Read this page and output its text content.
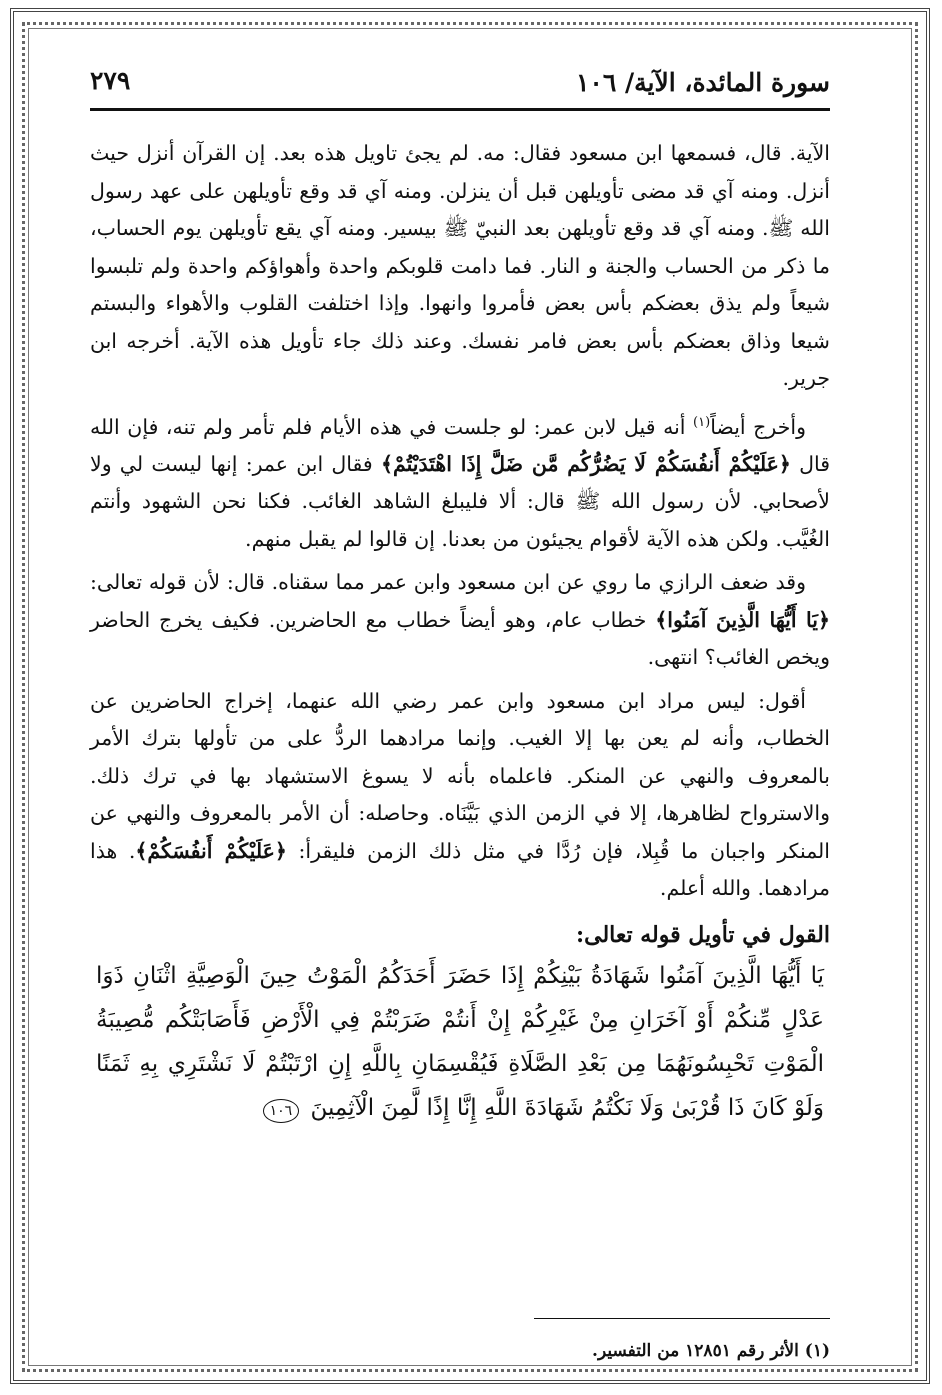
سورة المائدة، الآية/ ١٠٦
٢٧٩

الآية. قال، فسمعها ابن مسعود فقال: مه. لم يجئ تاويل هذه بعد. إن القرآن أنزل حيث أنزل. ومنه آي قد مضى تأويلهن قبل أن ينزلن. ومنه آي قد وقع تأويلهن على عهد رسول الله ﷺ. ومنه آي قد وقع تأويلهن بعد النبيّ ﷺ بيسير. ومنه آي يقع تأويلهن يوم الحساب، ما ذكر من الحساب والجنة و النار. فما دامت قلوبكم واحدة وأهواؤكم واحدة ولم تلبسوا شيعاً ولم يذق بعضكم بأس بعض فأمروا وانهوا. وإذا اختلفت القلوب والأهواء والبستم شيعا وذاق بعضكم بأس بعض فامر نفسك. وعند ذلك جاء تأويل هذه الآية. أخرجه ابن جرير.

وأخرج أيضاً$^{(١)}$ أنه قيل لابن عمر: لو جلست في هذه الأيام فلم تأمر ولم تنه، فإن الله قال ﴿عَلَيْكُمْ أَنفُسَكُمْ لَا يَضُرُّكُم مَّن ضَلَّ إِذَا اهْتَدَيْتُمْ﴾ فقال ابن عمر: إنها ليست لي ولا لأصحابي. لأن رسول الله ﷺ قال: ألا فليبلغ الشاهد الغائب. فكنا نحن الشهود وأنتم الغُيَّب. ولكن هذه الآية لأقوام يجيئون من بعدنا. إن قالوا لم يقبل منهم.

وقد ضعف الرازي ما روي عن ابن مسعود وابن عمر مما سقناه. قال: لأن قوله تعالى: ﴿يَا أَيُّهَا الَّذِينَ آمَنُوا﴾ خطاب عام، وهو أيضاً خطاب مع الحاضرين. فكيف يخرج الحاضر ويخص الغائب؟ انتهى.

أقول: ليس مراد ابن مسعود وابن عمر رضي الله عنهما، إخراج الحاضرين عن الخطاب، وأنه لم يعن بها إلا الغيب. وإنما مرادهما الردُّ على من تأولها بترك الأمر بالمعروف والنهي عن المنكر. فاعلماه بأنه لا يسوغ الاستشهاد بها في ترك ذلك. والاسترواح لظاهرها، إلا في الزمن الذي بَيَّنَاه. وحاصله: أن الأمر بالمعروف والنهي عن المنكر واجبان ما قُبِلا، فإن رُدَّا في مثل ذلك الزمن فليقرأ: ﴿عَلَيْكُمْ أَنفُسَكُمْ﴾. هذا مرادهما. والله أعلم.

القول في تأويل قوله تعالى:

يَا أَيُّهَا الَّذِينَ آمَنُوا شَهَادَةُ بَيْنِكُمْ إِذَا حَضَرَ أَحَدَكُمُ الْمَوْتُ حِينَ الْوَصِيَّةِ اثْنَانِ ذَوَا عَدْلٍ مِّنكُمْ أَوْ آخَرَانِ مِنْ غَيْرِكُمْ إِنْ أَنتُمْ ضَرَبْتُمْ فِي الْأَرْضِ فَأَصَابَتْكُم مُّصِيبَةُ الْمَوْتِ تَحْبِسُونَهُمَا مِن بَعْدِ الصَّلَاةِ فَيُقْسِمَانِ بِاللَّهِ إِنِ ارْتَبْتُمْ لَا نَشْتَرِي بِهِ ثَمَنًا وَلَوْ كَانَ ذَا قُرْبَىٰ وَلَا نَكْتُمُ شَهَادَةَ اللَّهِ إِنَّا إِذًا لَّمِنَ الْآثِمِينَ ١٠٦

(١) الأثر رقم ١٢٨٥١ من التفسير.
